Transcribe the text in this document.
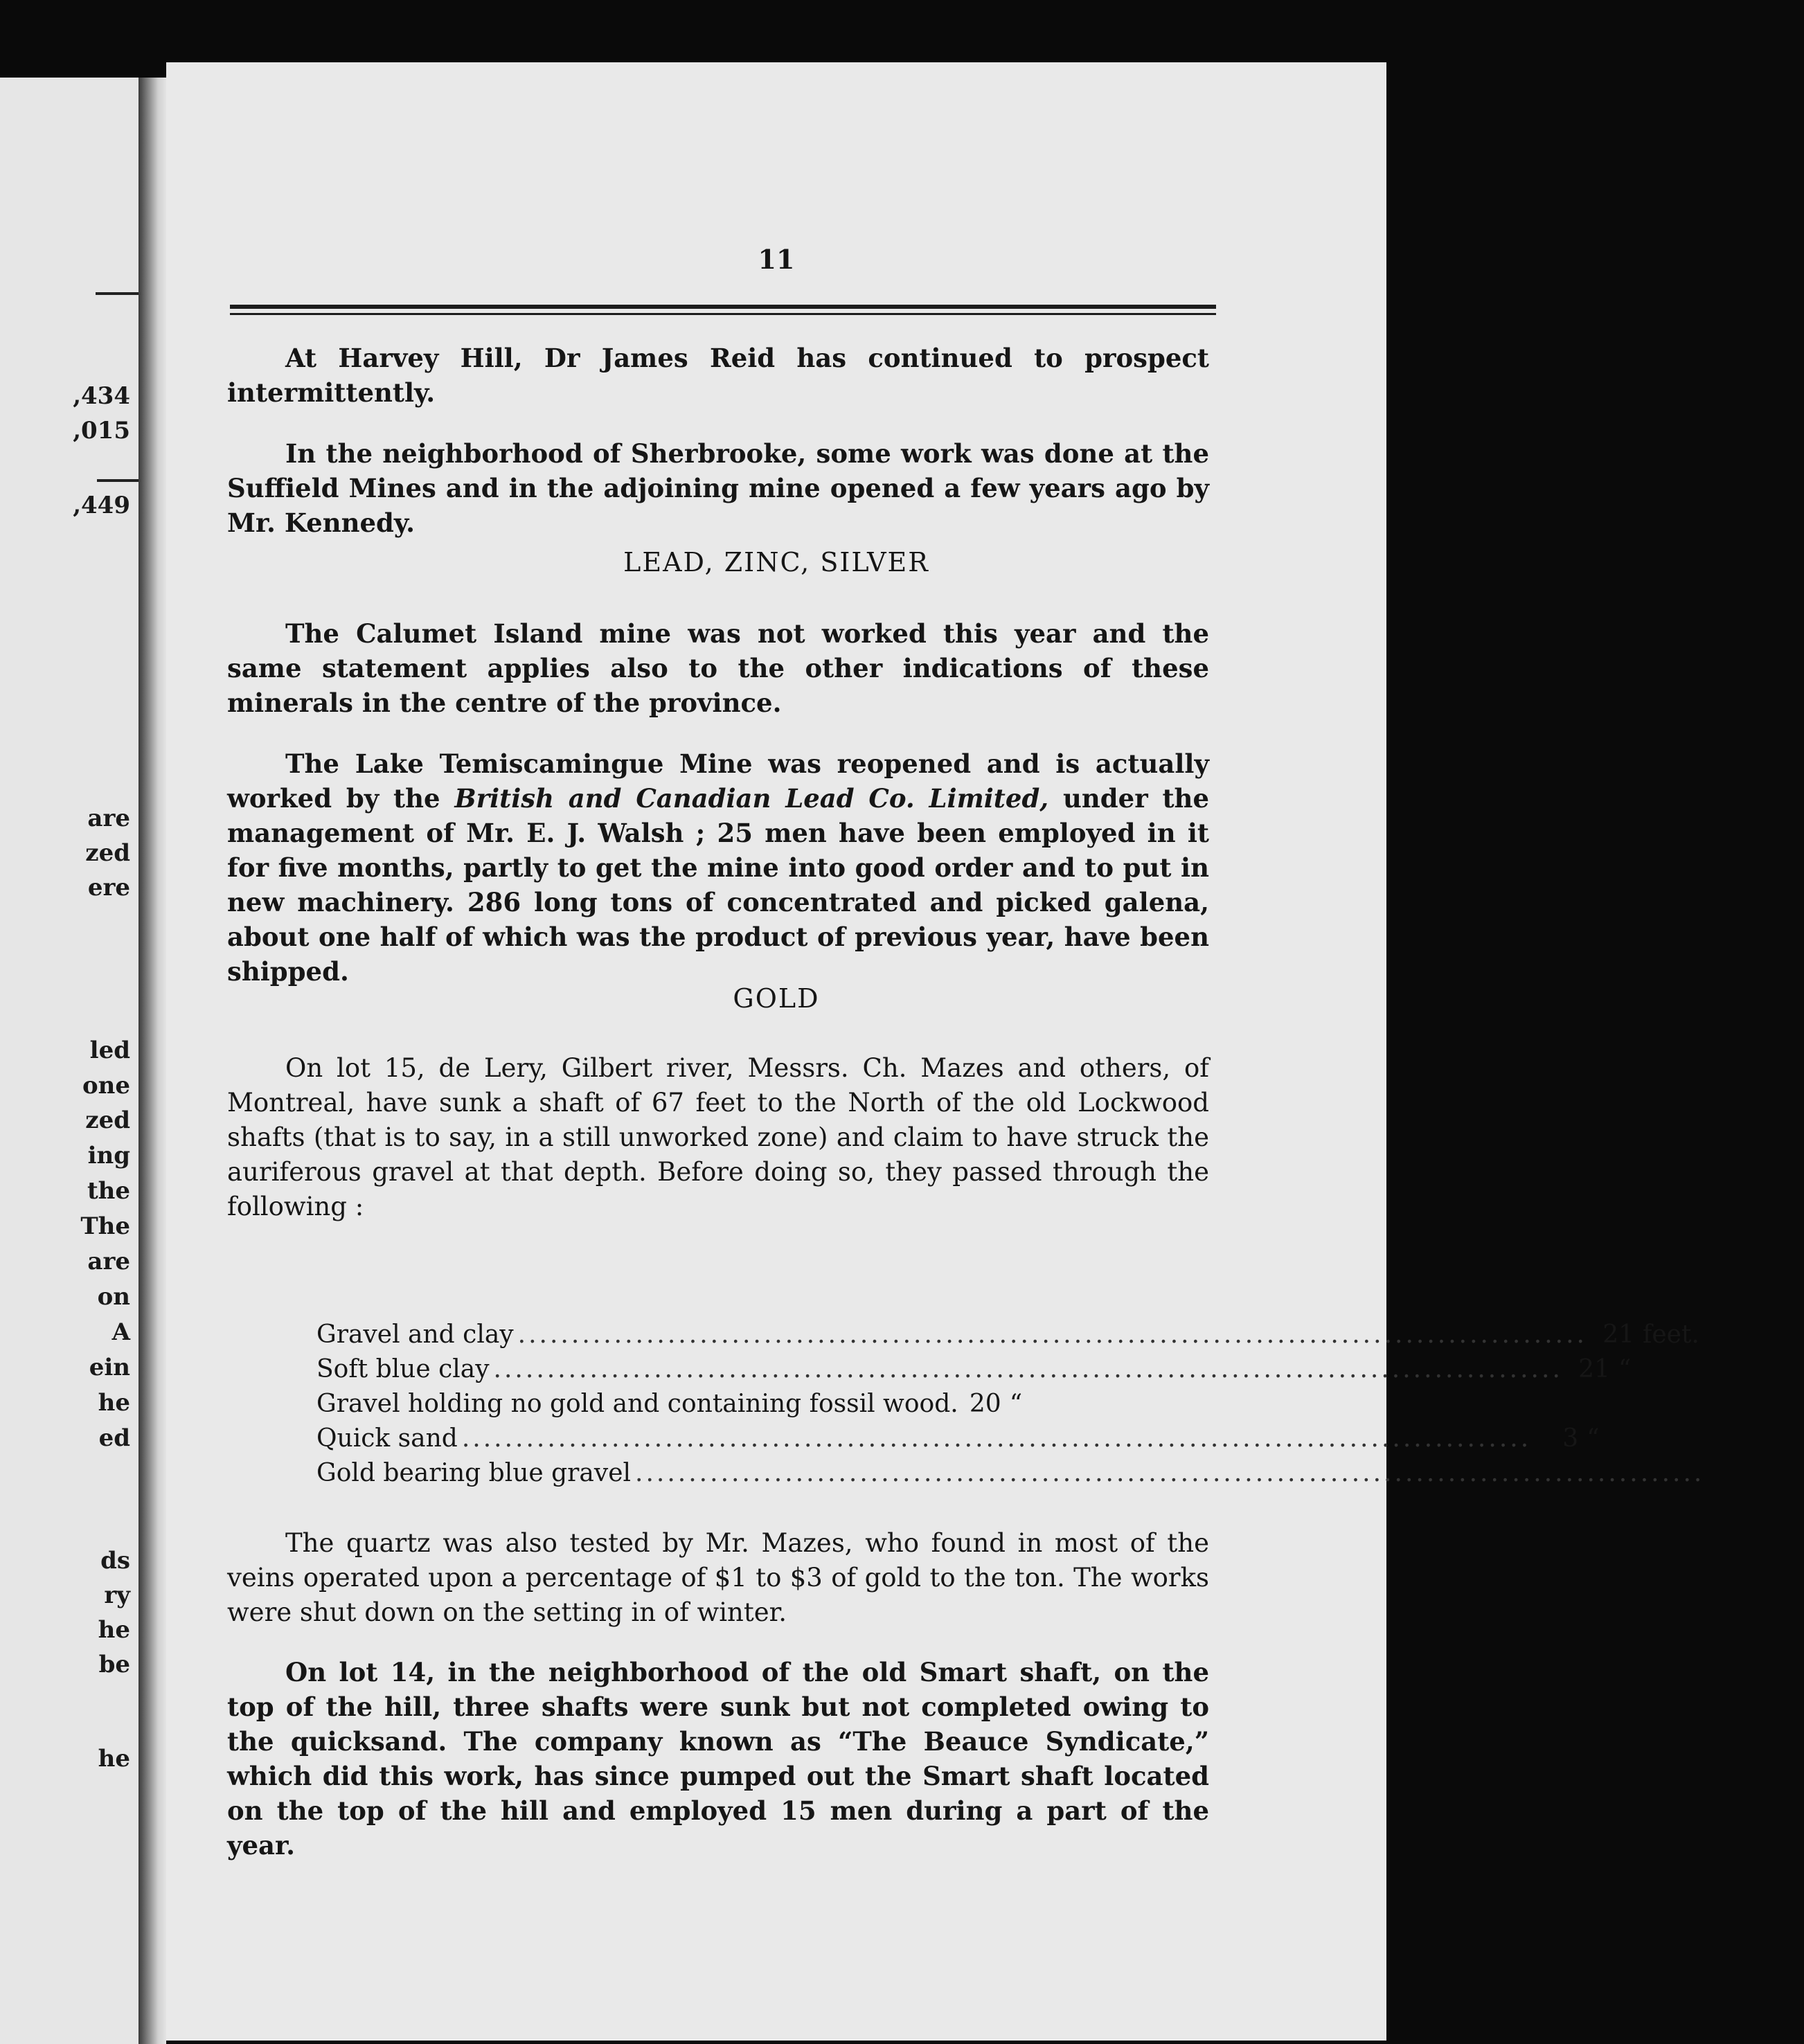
,434
,015
,449
are
zed
ere
led
one
zed
ing
the
The
are
on
A
ein
he
ed
ds
ry
he
be
he
11

At Harvey Hill, Dr James Reid has continued to prospect intermittently.

In the neighborhood of Sherbrooke, some work was done at the Suffield Mines and in the adjoining mine opened a few years ago by Mr. Kennedy.

LEAD, ZINC, SILVER

The Calumet Island mine was not worked this year and the same statement applies also to the other indications of these minerals in the centre of the province.

The Lake Temiscamingue Mine was reopened and is actually worked by the British and Canadian Lead Co. Limited, under the management of Mr. E. J. Walsh ; 25 men have been employed in it for five months, partly to get the mine into good order and to put in new machinery. 286 long tons of concentrated and picked galena, about one half of which was the product of previous year, have been shipped.

GOLD

On lot 15, de Lery, Gilbert river, Messrs. Ch. Mazes and others, of Montreal, have sunk a shaft of 67 feet to the North of the old Lockwood shafts (that is to say, in a still unworked zone) and claim to have struck the auriferous gravel at that depth. Before doing so, they passed through the following :

Gravel and clay .................................................................................................... 21 feet.
Soft blue clay .................................................................................................... 21 “
Gravel holding no gold and containing fossil wood. 20 “
Quick sand ....................................................................................................	3 “
Gold bearing blue gravel ....................................................................................................

The quartz was also tested by Mr. Mazes, who found in most of the veins operated upon a percentage of $1 to $3 of gold to the ton. The works were shut down on the setting in of winter.

On lot 14, in the neighborhood of the old Smart shaft, on the top of the hill, three shafts were sunk but not completed owing to the quicksand. The company known as “The Beauce Syndicate,” which did this work, has since pumped out the Smart shaft located on the top of the hill and employed 15 men during a part of the year.
